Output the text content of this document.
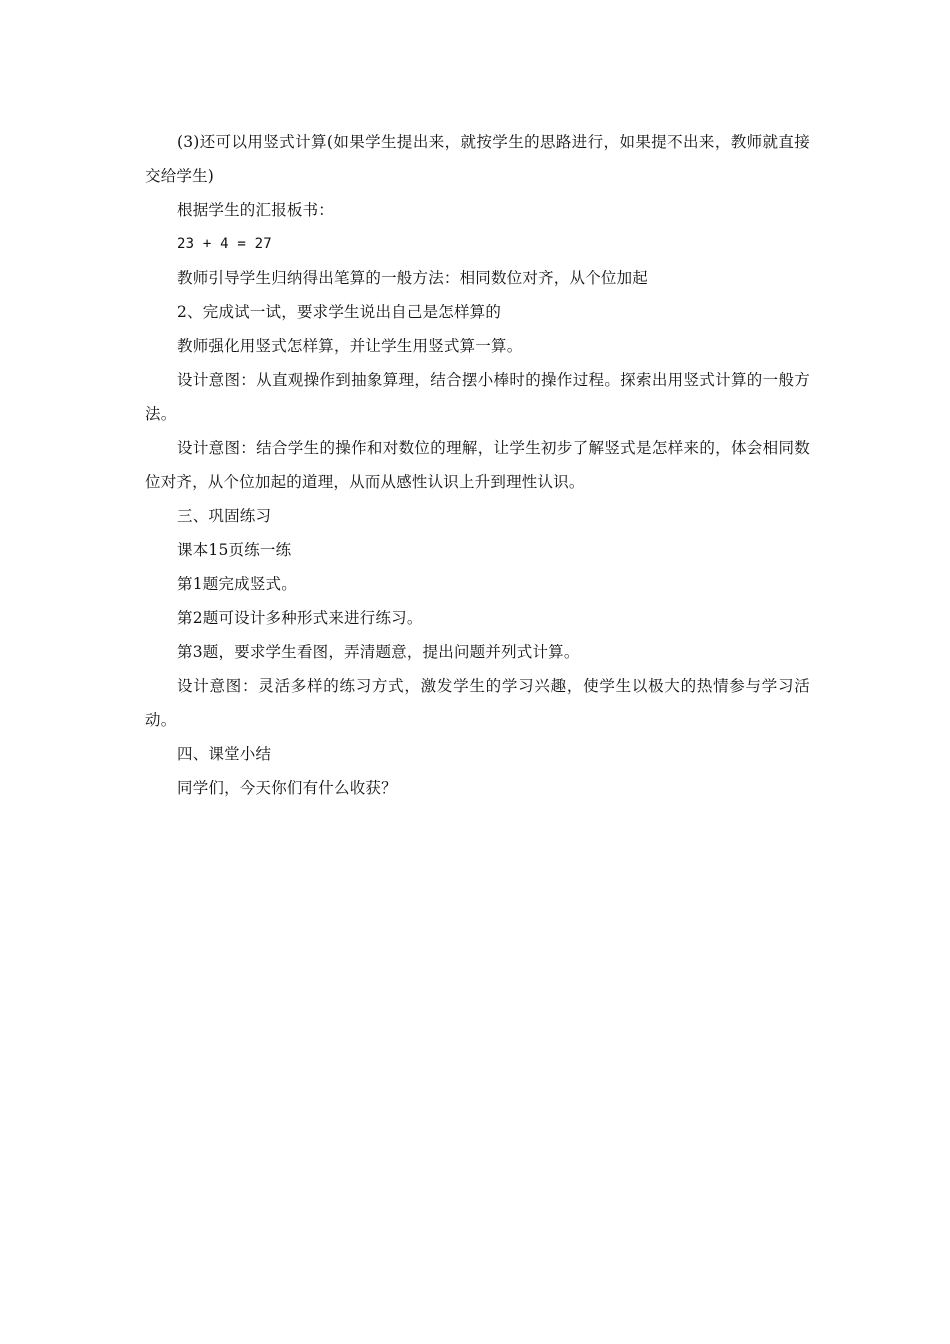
(3)还可以用竖式计算(如果学生提出来，就按学生的思路进行，如果提不出来，教师就直接交给学生)

根据学生的汇报板书：

23 + 4 = 27

教师引导学生归纳得出笔算的一般方法：相同数位对齐，从个位加起

2、完成试一试，要求学生说出自己是怎样算的

教师强化用竖式怎样算，并让学生用竖式算一算。

设计意图：从直观操作到抽象算理，结合摆小棒时的操作过程。探索出用竖式计算的一般方法。

设计意图：结合学生的操作和对数位的理解，让学生初步了解竖式是怎样来的，体会相同数位对齐，从个位加起的道理，从而从感性认识上升到理性认识。

三、巩固练习

课本15页练一练

第1题完成竖式。

第2题可设计多种形式来进行练习。

第3题，要求学生看图，弄清题意，提出问题并列式计算。

设计意图：灵活多样的练习方式，激发学生的学习兴趣，使学生以极大的热情参与学习活动。

四、课堂小结

同学们，今天你们有什么收获？
